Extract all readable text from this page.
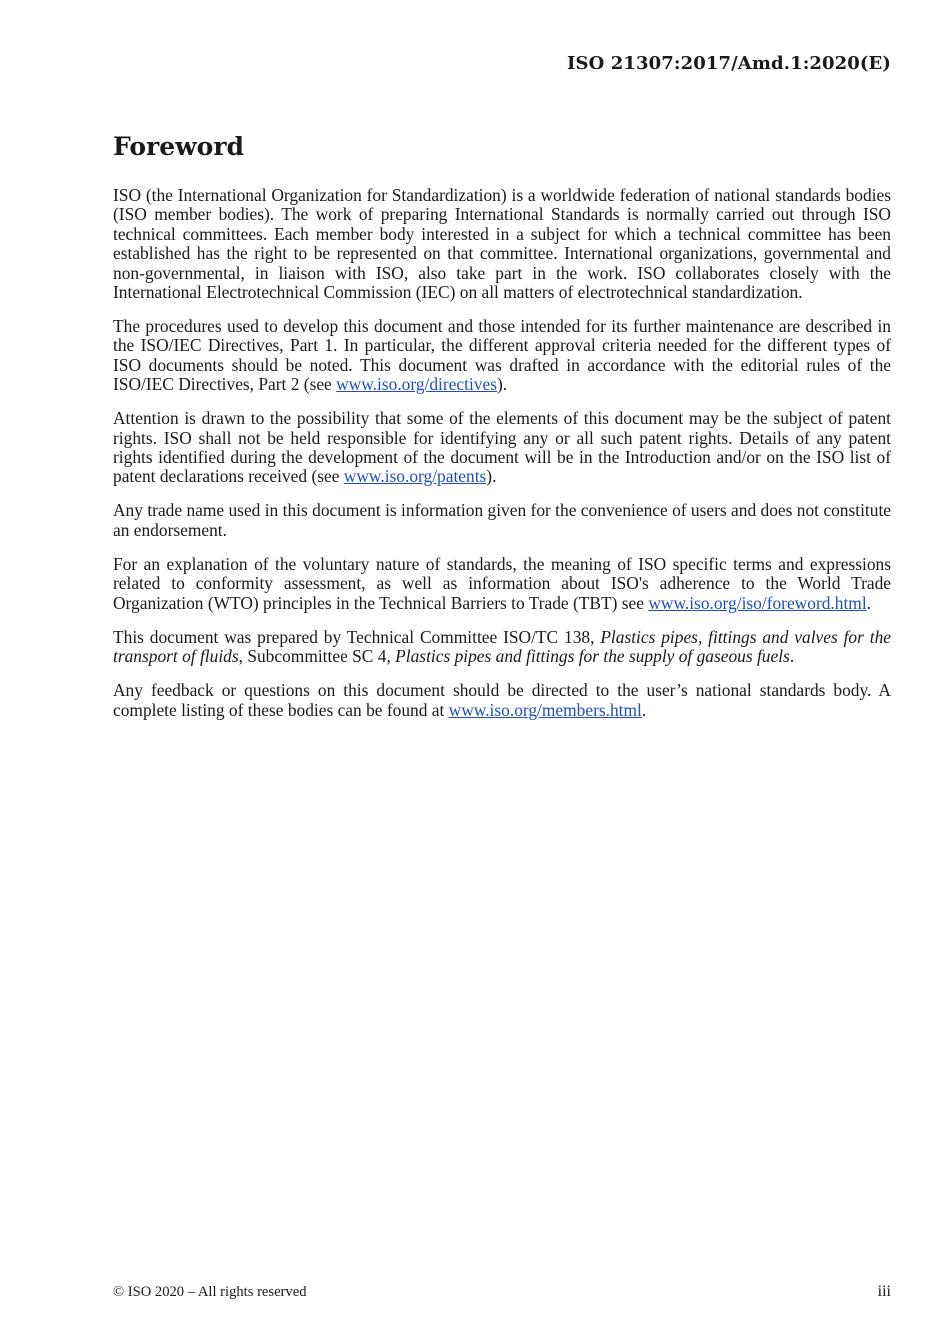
ISO 21307:2017/Amd.1:2020(E)
Foreword

ISO (the International Organization for Standardization) is a worldwide federation of national standards bodies (ISO member bodies). The work of preparing International Standards is normally carried out through ISO technical committees. Each member body interested in a subject for which a technical committee has been established has the right to be represented on that committee. International organizations, governmental and non-governmental, in liaison with ISO, also take part in the work. ISO collaborates closely with the International Electrotechnical Commission (IEC) on all matters of electrotechnical standardization.

The procedures used to develop this document and those intended for its further maintenance are described in the ISO/IEC Directives, Part 1. In particular, the different approval criteria needed for the different types of ISO documents should be noted. This document was drafted in accordance with the editorial rules of the ISO/IEC Directives, Part 2 (see www.iso.org/directives).

Attention is drawn to the possibility that some of the elements of this document may be the subject of patent rights. ISO shall not be held responsible for identifying any or all such patent rights. Details of any patent rights identified during the development of the document will be in the Introduction and/or on the ISO list of patent declarations received (see www.iso.org/patents).

Any trade name used in this document is information given for the convenience of users and does not constitute an endorsement.

For an explanation of the voluntary nature of standards, the meaning of ISO specific terms and expressions related to conformity assessment, as well as information about ISO's adherence to the World Trade Organization (WTO) principles in the Technical Barriers to Trade (TBT) see www.iso.org/iso/foreword.html.

This document was prepared by Technical Committee ISO/TC 138, Plastics pipes, fittings and valves for the transport of fluids, Subcommittee SC 4, Plastics pipes and fittings for the supply of gaseous fuels.

Any feedback or questions on this document should be directed to the user’s national standards body. A complete listing of these bodies can be found at www.iso.org/members.html.

© ISO 2020 – All rights reserved	iii
